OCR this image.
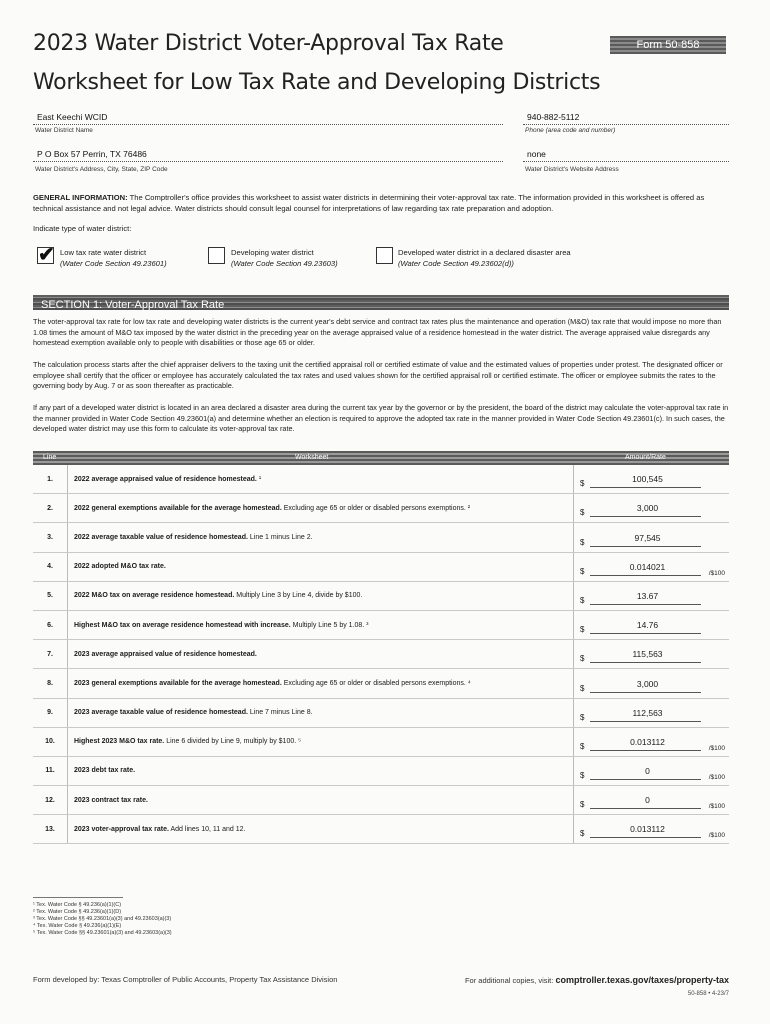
2023 Water District Voter-Approval Tax Rate
Worksheet for Low Tax Rate and Developing Districts
Form 50-858
East Keechi WCID
Water District Name
940-882-5112
Phone (area code and number)
P O Box 57 Perrin, TX 76486
Water District's Address, City, State, ZIP Code
none
Water District's Website Address
GENERAL INFORMATION: The Comptroller's office provides this worksheet to assist water districts in determining their voter-approval tax rate. The information provided in this worksheet is offered as technical assistance and not legal advice. Water districts should consult legal counsel for interpretations of law regarding tax rate preparation and adoption.
Indicate type of water district:
✔ Low tax rate water district
(Water Code Section 49.23601)
Developing water district
(Water Code Section 49.23603)
Developed water district in a declared disaster area
(Water Code Section 49.23602(d))
SECTION 1: Voter-Approval Tax Rate
The voter-approval tax rate for low tax rate and developing water districts is the current year's debt service and contract tax rates plus the maintenance and operation (M&O) tax rate that would impose no more than 1.08 times the amount of M&O tax imposed by the water district in the preceding year on the average appraised value of a residence homestead in the water district. The average appraised value disregards any homestead exemption available only to people with disabilities or those age 65 or older.
The calculation process starts after the chief appraiser delivers to the taxing unit the certified appraisal roll or certified estimate of value and the estimated values of properties under protest. The designated officer or employee shall certify that the officer or employee has accurately calculated the tax rates and used values shown for the certified appraisal roll or certified estimate. The officer or employee submits the rates to the governing body by Aug. 7 or as soon thereafter as practicable.
If any part of a developed water district is located in an area declared a disaster area during the current tax year by the governor or by the president, the board of the district may calculate the voter-approval tax rate in the manner provided in Water Code Section 49.23601(a) and determine whether an election is required to approve the adopted tax rate in the manner provided in Water Code Section 49.23601(c). In such cases, the developed water district may use this form to calculate its voter-approval tax rate.
Line	Worksheet	Amount/Rate
1.	2022 average appraised value of residence homestead. ¹	$ 100,545

2.	2022 general exemptions available for the average homestead. Excluding age 65 or older or disabled persons exemptions. ²	$ 3,000

3.	2022 average taxable value of residence homestead. Line 1 minus Line 2.	$ 97,545

4.	2022 adopted M&O tax rate.	$ 0.014021
/$100

5.	2022 M&O tax on average residence homestead. Multiply Line 3 by Line 4, divide by $100.	$ 13.67

6.	Highest M&O tax on average residence homestead with increase. Multiply Line 5 by 1.08. ³	$ 14.76

7.	2023 average appraised value of residence homestead.	$ 115,563

8.	2023 general exemptions available for the average homestead. Excluding age 65 or older or disabled persons exemptions. ⁴	$ 3,000

9.	2023 average taxable value of residence homestead. Line 7 minus Line 8.	$ 112,563

10.	Highest 2023 M&O tax rate. Line 6 divided by Line 9, multiply by $100. ⁵	$ 0.013112
/$100

11.	2023 debt tax rate.	$ 0
/$100

12.	2023 contract tax rate.	$ 0
/$100

13.	2023 voter-approval tax rate. Add lines 10, 11 and 12.	$ 0.013112
/$100
¹ Tex. Water Code § 49.236(a)(1)(C)
² Tex. Water Code § 49.236(a)(1)(D)
³ Tex. Water Code §§ 49.23601(a)(3) and 49.23603(a)(3)
⁴ Tex. Water Code § 49.236(a)(1)(E)
⁵ Tex. Water Code §§ 49.23601(a)(3) and 49.23603(a)(3)
Form developed by: Texas Comptroller of Public Accounts, Property Tax Assistance Division	For additional copies, visit: comptroller.texas.gov/taxes/property-tax
50-858 • 4-23/7
